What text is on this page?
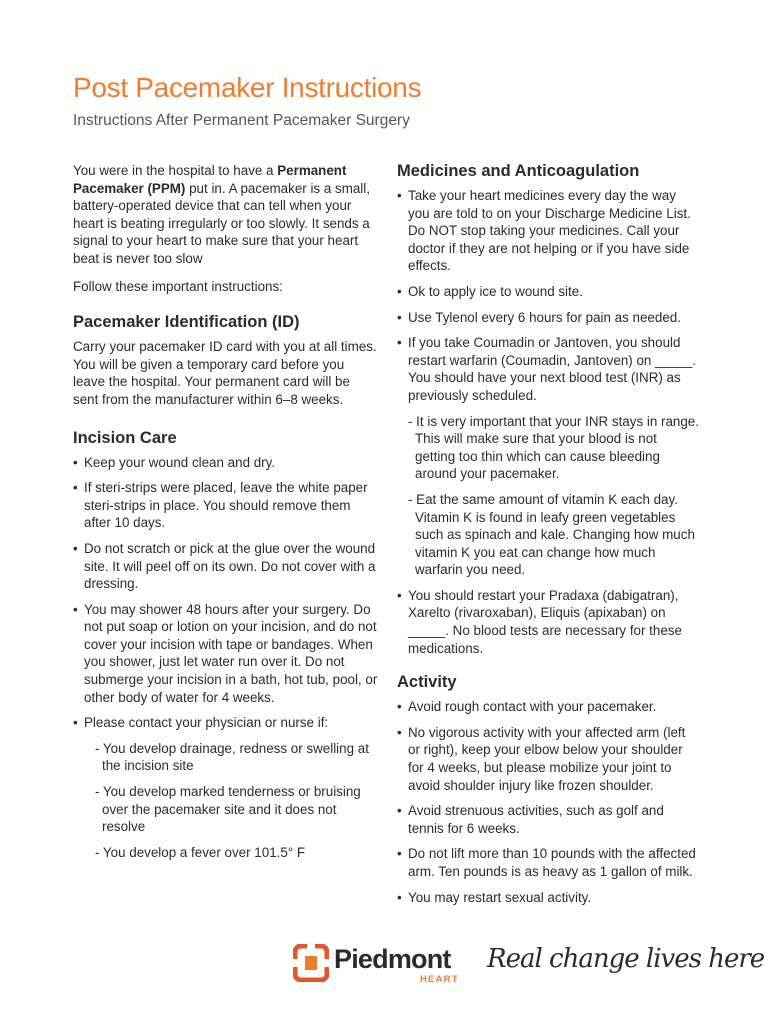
Post Pacemaker Instructions

Instructions After Permanent Pacemaker Surgery

You were in the hospital to have a Permanent Pacemaker (PPM) put in. A pacemaker is a small, battery-operated device that can tell when your heart is beating irregularly or too slowly. It sends a signal to your heart to make sure that your heart beat is never too slow

Follow these important instructions:

Pacemaker Identification (ID)

Carry your pacemaker ID card with you at all times. You will be given a temporary card before you leave the hospital. Your permanent card will be sent from the manufacturer within 6–8 weeks.

Incision Care
• Keep your wound clean and dry.
• If steri-strips were placed, leave the white paper steri-strips in place. You should remove them after 10 days.
• Do not scratch or pick at the glue over the wound site. It will peel off on its own. Do not cover with a dressing.
• You may shower 48 hours after your surgery. Do not put soap or lotion on your incision, and do not cover your incision with tape or bandages. When you shower, just let water run over it. Do not submerge your incision in a bath, hot tub, pool, or other body of water for 4 weeks.
• Please contact your physician or nurse if:
- You develop drainage, redness or swelling at the incision site
- You develop marked tenderness or bruising over the pacemaker site and it does not resolve
- You develop a fever over 101.5° F
Medicines and Anticoagulation
• Take your heart medicines every day the way you are told to on your Discharge Medicine List. Do NOT stop taking your medicines. Call your doctor if they are not helping or if you have side effects.
• Ok to apply ice to wound site.
• Use Tylenol every 6 hours for pain as needed.
• If you take Coumadin or Jantoven, you should restart warfarin (Coumadin, Jantoven) on _____. You should have your next blood test (INR) as previously scheduled.
- It is very important that your INR stays in range. This will make sure that your blood is not getting too thin which can cause bleeding around your pacemaker.
- Eat the same amount of vitamin K each day. Vitamin K is found in leafy green vegetables such as spinach and kale. Changing how much vitamin K you eat can change how much warfarin you need.
• You should restart your Pradaxa (dabigatran), Xarelto (rivaroxaban), Eliquis (apixaban) on _____. No blood tests are necessary for these medications.
Activity
• Avoid rough contact with your pacemaker.
• No vigorous activity with your affected arm (left or right), keep your elbow below your shoulder for 4 weeks, but please mobilize your joint to avoid shoulder injury like frozen shoulder.
• Avoid strenuous activities, such as golf and tennis for 6 weeks.
• Do not lift more than 10 pounds with the affected arm. Ten pounds is as heavy as 1 gallon of milk.
• You may restart sexual activity.
Piedmont
HEART
Real change lives here
